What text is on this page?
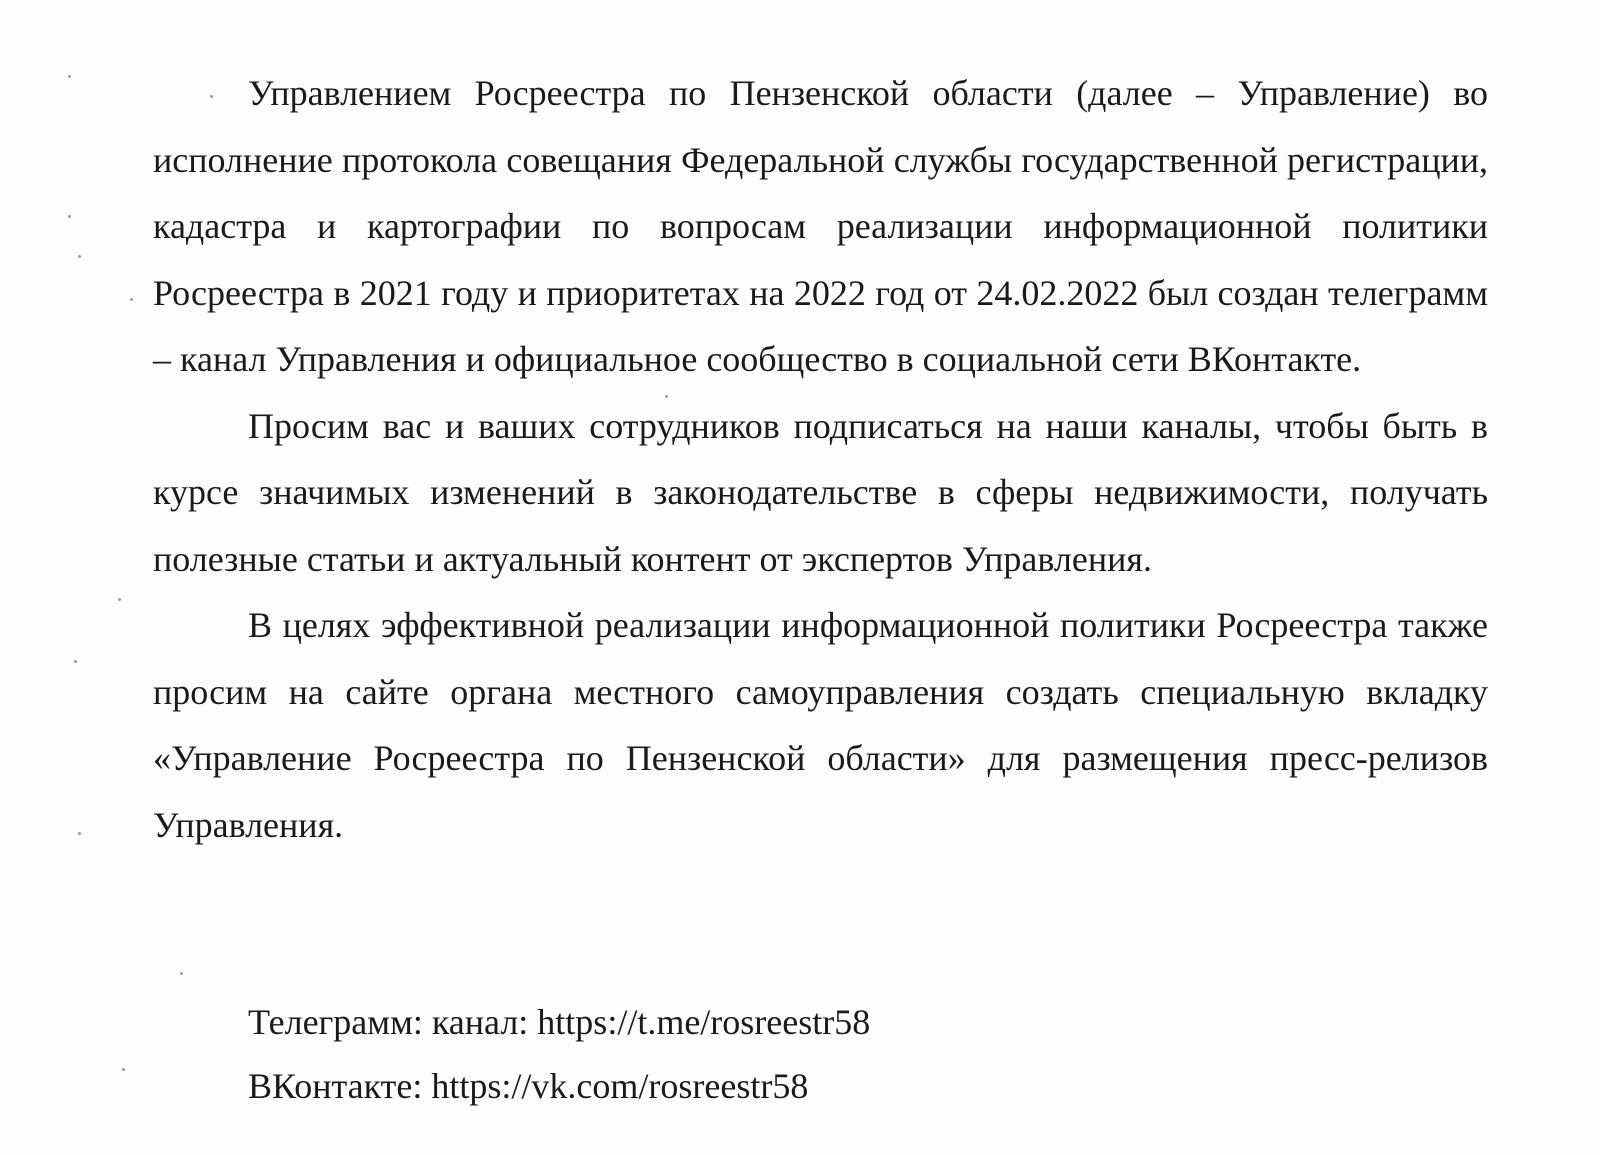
Управлением Росреестра по Пензенской области (далее – Управление) во исполнение протокола совещания Федеральной службы государственной регистрации, кадастра и картографии по вопросам реализации информационной политики Росреестра в 2021 году и приоритетах на 2022 год от 24.02.2022 был создан телеграмм – канал Управления и официальное сообщество в социальной сети ВКонтакте.

Просим вас и ваших сотрудников подписаться на наши каналы, чтобы быть в курсе значимых изменений в законодательстве в сферы недвижимости, получать полезные статьи и актуальный контент от экспертов Управления.

В целях эффективной реализации информационной политики Росреестра также просим на сайте органа местного самоуправления создать специальную вкладку «Управление Росреестра по Пензенской области» для размещения пресс-релизов Управления.

Телеграмм: канал: https://t.me/rosreestr58

ВКонтакте: https://vk.com/rosreestr58
